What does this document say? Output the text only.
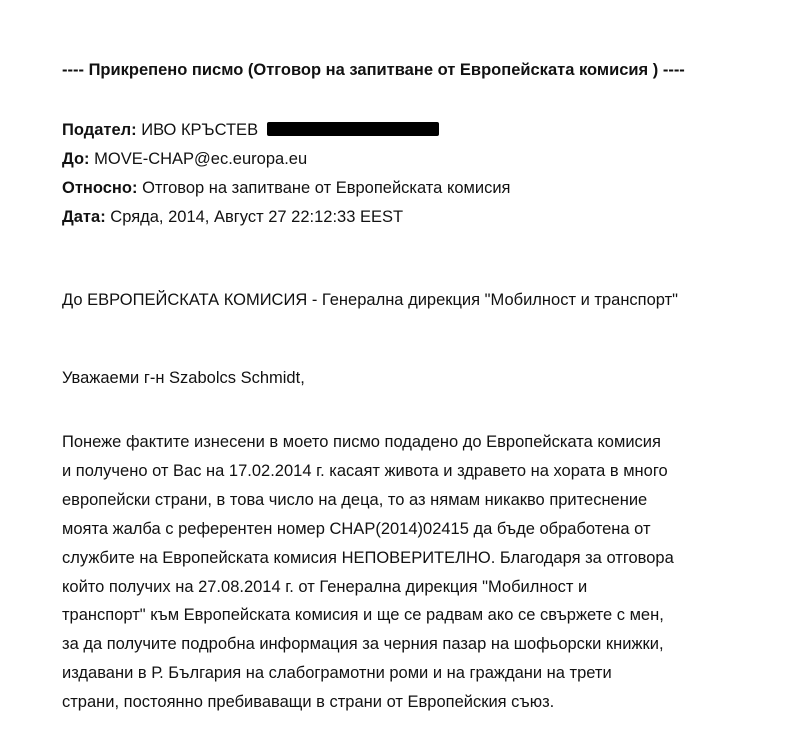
---- Прикрепено писмо (Отговор на запитване от Европейската комисия ) ----
Подател: ИВО КРЪСТЕВ
До: MOVE-CHAP@ec.europa.eu
Относно: Отговор на запитване от Европейската комисия
Дата: Сряда, 2014, Август 27 22:12:33 EEST
До ЕВРОПЕЙСКАТА КОМИСИЯ - Генерална дирекция "Мобилност и транспорт"
Уважаеми г-н Szabolcs Schmidt,
Понеже фактите изнесени в моето писмо подадено до Европейската комисия
и получено от Вас на 17.02.2014 г. касаят живота и здравето на хората в много
европейски страни, в това число на деца, то аз нямам никакво притеснение
моята жалба с референтен номер CHAP(2014)02415 да бъде обработена от
службите на Европейската комисия НЕПОВЕРИТЕЛНО. Благодаря за отговора
който получих на 27.08.2014 г. от Генерална дирекция "Мобилност и
транспорт" към Европейската комисия и ще се радвам ако се свържете с мен,
за да получите подробна информация за черния пазар на шофьорски книжки,
издавани в Р. България на слабограмотни роми и на граждани на трети
страни, постоянно пребиваващи в страни от Европейския съюз.
